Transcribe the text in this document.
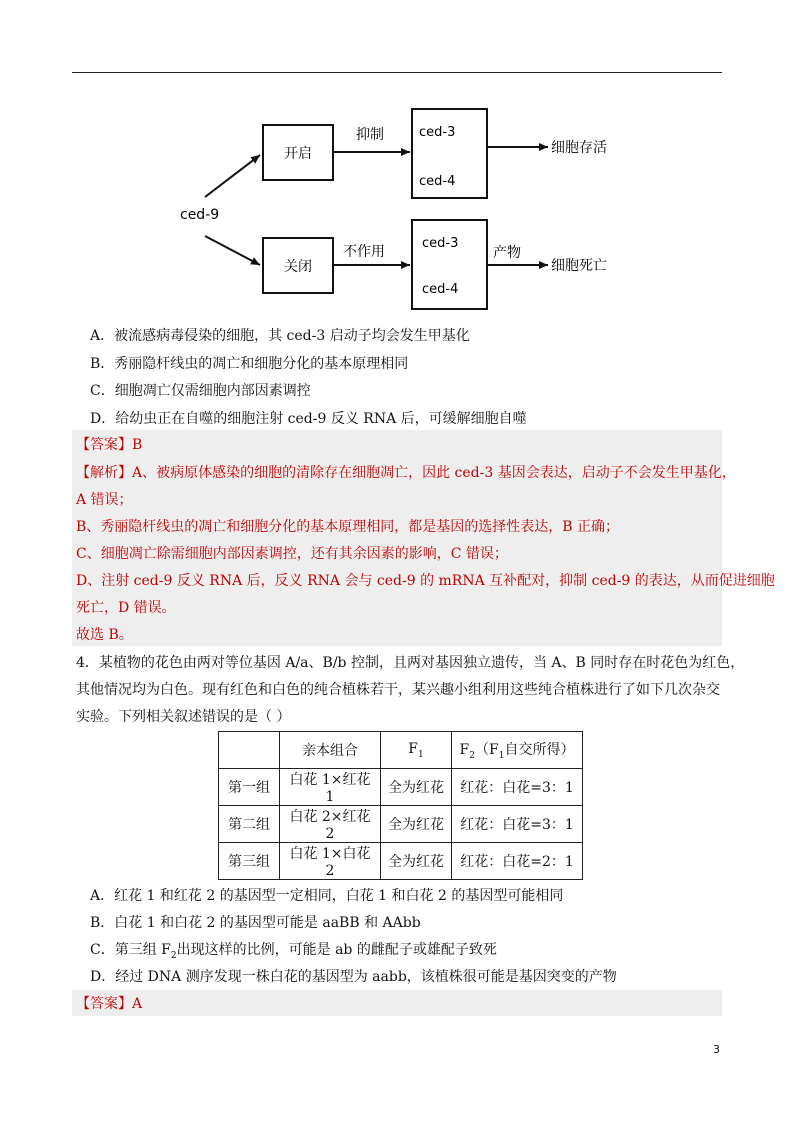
ced-9
开启
关闭
抑制
不作用	产物
ced-3
ced-4
ced-3
ced-4
细胞存活
细胞死亡
A．被流感病毒侵染的细胞，其 ced-3 启动子均会发生甲基化
B．秀丽隐杆线虫的凋亡和细胞分化的基本原理相同
C．细胞凋亡仅需细胞内部因素调控
D．给幼虫正在自噬的细胞注射 ced-9 反义 RNA 后，可缓解细胞自噬
【答案】B
【解析】A、被病原体感染的细胞的清除存在细胞凋亡，因此 ced-3 基因会表达，启动子不会发生甲基化，
A 错误；
B、秀丽隐杆线虫的凋亡和细胞分化的基本原理相同，都是基因的选择性表达，B 正确；
C、细胞凋亡除需细胞内部因素调控，还有其余因素的影响，C 错误；
D、注射 ced-9 反义 RNA 后，反义 RNA 会与 ced-9 的 mRNA 互补配对，抑制 ced-9 的表达，从而促进细胞
死亡，D 错误。
故选 B。
4．某植物的花色由两对等位基因 A/a、B/b 控制，且两对基因独立遗传，当 A、B 同时存在时花色为红色，
其他情况均为白色。现有红色和白色的纯合植株若干，某兴趣小组利用这些纯合植株进行了如下几次杂交
实验。下列相关叙述错误的是（ ）
	亲本组合	$F_1$	$F_2(F_1$自交所得）
第一组	白花 1×红花 1	全为红花	红花：白花=3：1
第二组	白花 2×红花 2	全为红花	红花：白花=3：1
第三组	白花 1×白花 2	全为红花	红花：白花=2：1
A．红花 1 和红花 2 的基因型一定相同，白花 1 和白花 2 的基因型可能相同
B．白花 1 和白花 2 的基因型可能是 aaBB 和 AAbb
C．第三组 $F_2$出现这样的比例，可能是 ab 的雌配子或雄配子致死
D．经过 DNA 测序发现一株白花的基因型为 aabb，该植株很可能是基因突变的产物
【答案】A
3
